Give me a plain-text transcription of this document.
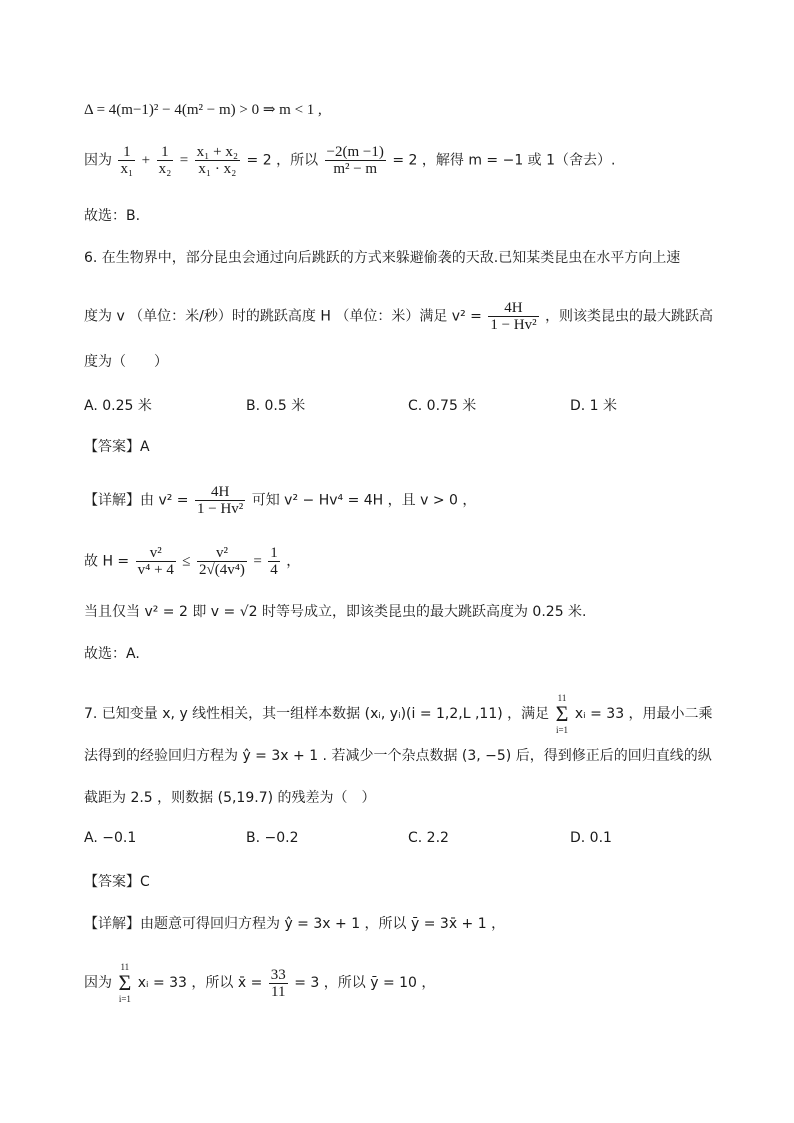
Δ = 4(m−1)² − 4(m² − m) > 0 ⇒ m < 1 ,
因为 $\frac{1}{\text{x₁}} + \frac{1}{\text{x₂}} = \frac{\text{x₁ + x₂}}{\text{x₁ · x₂}} = 2$ ，所以 $\frac{-2(m -1)}{\text{m² − m}} = 2$ ，解得 m = −1 或 1（舍去）.
故选：B.
6. 在生物界中，部分昆虫会通过向后跳跃的方式来躲避偷袭的天敌.已知某类昆虫在水平方向上速
度为 v （单位：米/秒）时的跳跃高度 H （单位：米）满足 $v^2 = \frac{4H}{\text{1 − Hv²}}$ ，则该类昆虫的最大跳跃高
度为（　　）
A. 0.25 米	B. 0.5 米	C. 0.75 米	D. 1 米
【答案】A
【详解】由 $v^2 = \frac{4H}{\text{1 − Hv²}}$ 可知 v² − Hv⁴ = 4H ，且 v > 0 ，
故 $H = \frac{\text{v²}}{\text{v⁴ + 4}} \le \frac{\text{v²}}{\text{2√(4v⁴)}} = \frac{1}{4}$ ，
当且仅当 v² = 2 即 v = √2 时等号成立，即该类昆虫的最大跳跃高度为 0.25 米.
故选：A.
7. 已知变量 x, y 线性相关，其一组样本数据 (xᵢ, yᵢ)(i = 1,2,L ,11) ，满足
11
Σ
i=1
xᵢ = 33 ，用最小二乘
法得到的经验回归方程为 ŷ = 3x + 1 . 若减少一个杂点数据 (3, −5) 后，得到修正后的回归直线的纵
截距为 2.5 ，则数据 (5,19.7) 的残差为（　）
A. −0.1	B. −0.2	C. 2.2	D. 0.1
【答案】C
【详解】由题意可得回归方程为 ŷ = 3x + 1 ，所以 ȳ = 3x̄ + 1 ，
因为
11
Σ
i=1
xᵢ = 33 ，所以 x̄ = $\frac{33}{11} = 3$ ，所以 ȳ = 10 ，
